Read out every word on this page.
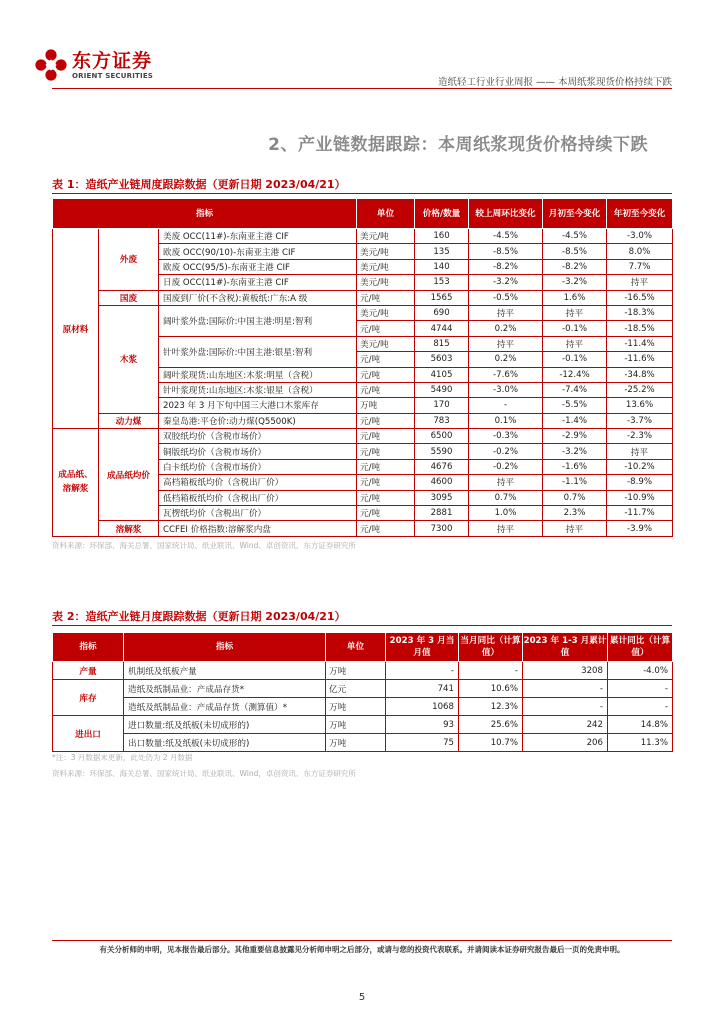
东方证券
ORIENT SECURITIES
造纸轻工行业行业周报 —— 本周纸浆现货价格持续下跌
2、产业链数据跟踪：本周纸浆现货价格持续下跌
表 1：造纸产业链周度跟踪数据（更新日期 2023/04/21）
指标			单位	价格/数量	较上周环比变化	月初至今变化	年初至今变化
原材料	外废	美废 OCC(11#)-东南亚主港 CIF	美元/吨	160	-4.5%	-4.5%	-3.0%
		欧废 OCC(90/10)-东南亚主港 CIF	美元/吨	135	-8.5%	-8.5%	8.0%
		欧废 OCC(95/5)-东南亚主港 CIF	美元/吨	140	-8.2%	-8.2%	7.7%
		日废 OCC(11#)-东南亚主港 CIF	美元/吨	153	-3.2%	-3.2%	持平
	国废	国废到厂价(不含税):黄板纸:广东:A 级	元/吨	1565	-0.5%	1.6%	-16.5%
	木浆	阔叶浆外盘:国际价:中国主港:明星:智利	美元/吨	690	持平	持平	-18.3%
			元/吨	4744	0.2%	-0.1%	-18.5%
		针叶浆外盘:国际价:中国主港:银星:智利	美元/吨	815	持平	持平	-11.4%
			元/吨	5603	0.2%	-0.1%	-11.6%
		阔叶浆现货:山东地区:木浆:明星（含税）	元/吨	4105	-7.6%	-12.4%	-34.8%
		针叶浆现货:山东地区:木浆:银星（含税）	元/吨	5490	-3.0%	-7.4%	-25.2%
		2023 年 3 月下旬中国三大港口木浆库存	万吨	170	-	-5.5%	13.6%
	动力煤	秦皇岛港:平仓价:动力煤(Q5500K)	元/吨	783	0.1%	-1.4%	-3.7%
成品纸、溶解浆	成品纸均价	双胶纸均价（含税市场价）	元/吨	6500	-0.3%	-2.9%	-2.3%
		铜版纸均价（含税市场价）	元/吨	5590	-0.2%	-3.2%	持平
		白卡纸均价（含税市场价）	元/吨	4676	-0.2%	-1.6%	-10.2%
		高档箱板纸均价（含税出厂价）	元/吨	4600	持平	-1.1%	-8.9%
		低档箱板纸均价（含税出厂价）	元/吨	3095	0.7%	0.7%	-10.9%
		瓦楞纸均价（含税出厂价）	元/吨	2881	1.0%	2.3%	-11.7%
	溶解浆	CCFEI 价格指数:溶解浆内盘	元/吨	7300	持平	持平	-3.9%
资料来源：环保部、海关总署、国家统计局、纸业联讯、Wind、卓创资讯、东方证券研究所
表 2：造纸产业链月度跟踪数据（更新日期 2023/04/21）
指标	指标	单位	2023 年 3 月当月值	当月同比（计算值）	2023 年 1-3 月累计值	累计同比（计算值）
产量	机制纸及纸板产量	万吨	-	-	3208	-4.0%
库存	造纸及纸制品业：产成品存货*	亿元	741	10.6%	-	-
	造纸及纸制品业：产成品存货（测算值）*	万吨	1068	12.3%	-	-
进出口	进口数量:纸及纸板(未切成形的)	万吨	93	25.6%	242	14.8%
	出口数量:纸及纸板(未切成形的)	万吨	75	10.7%	206	11.3%
*注：3 月数据未更新，此处仍为 2 月数据
资料来源：环保部、海关总署、国家统计局、纸业联讯、Wind，卓创资讯、东方证券研究所
有关分析师的申明，见本报告最后部分。其他重要信息披露见分析师申明之后部分，或请与您的投资代表联系。并请阅读本证券研究报告最后一页的免责申明。
5
